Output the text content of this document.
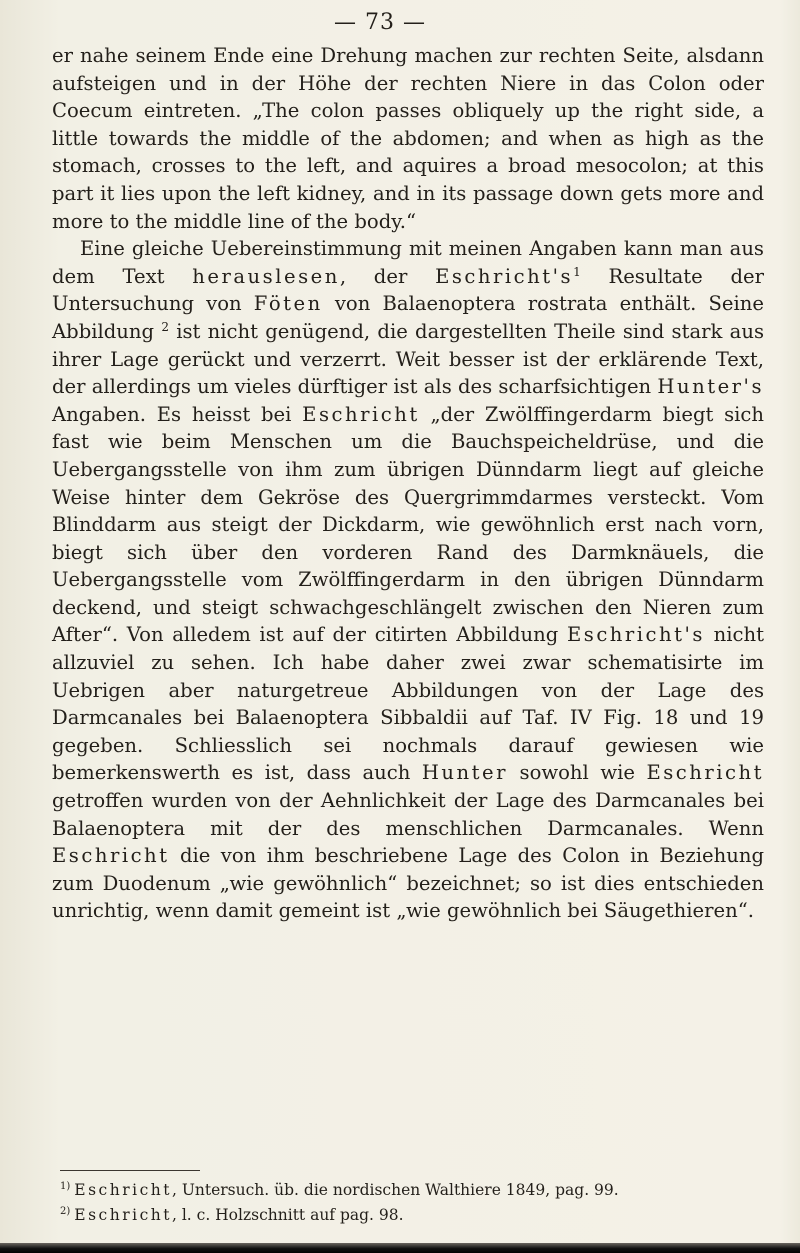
— 73 —

er nahe seinem Ende eine Drehung machen zur rechten Seite, alsdann aufsteigen und in der Höhe der rechten Niere in das Colon oder Coecum eintreten. „The colon passes obliquely up the right side, a little towards the middle of the abdomen; and when as high as the stomach, crosses to the left, and aquires a broad mesocolon; at this part it lies upon the left kidney, and in its passage down gets more and more to the middle line of the body.“

Eine gleiche Uebereinstimmung mit meinen Angaben kann man aus dem Text herauslesen, der $Eschricht's^1$ Resultate der Untersuchung von Föten von Balaenoptera rostrata enthält. Seine Abbildung $^2$ ist nicht genügend, die dargestellten Theile sind stark aus ihrer Lage gerückt und verzerrt. Weit besser ist der erklärende Text, der allerdings um vieles dürftiger ist als des scharfsichtigen Hunter's Angaben. Es heisst bei Eschricht „der Zwölffingerdarm biegt sich fast wie beim Menschen um die Bauchspeicheldrüse, und die Uebergangsstelle von ihm zum übrigen Dünndarm liegt auf gleiche Weise hinter dem Gekröse des Quergrimmdarmes versteckt. Vom Blinddarm aus steigt der Dickdarm, wie gewöhnlich erst nach vorn, biegt sich über den vorderen Rand des Darmknäuels, die Uebergangsstelle vom Zwölffingerdarm in den übrigen Dünndarm deckend, und steigt schwachgeschlängelt zwischen den Nieren zum After“. Von alledem ist auf der citirten Abbildung Eschricht's nicht allzuviel zu sehen. Ich habe daher zwei zwar schematisirte im Uebrigen aber naturgetreue Abbildungen von der Lage des Darmcanales bei Balaenoptera Sibbaldii auf Taf. IV Fig. 18 und 19 gegeben. Schliesslich sei nochmals darauf gewiesen wie bemerkenswerth es ist, dass auch Hunter sowohl wie Eschricht getroffen wurden von der Aehnlichkeit der Lage des Darmcanales bei Balaenoptera mit der des menschlichen Darmcanales. Wenn Eschricht die von ihm beschriebene Lage des Colon in Beziehung zum Duodenum „wie gewöhnlich“ bezeichnet; so ist dies entschieden unrichtig, wenn damit gemeint ist „wie gewöhnlich bei Säugethieren“.

$^{1)}$ Eschricht, Untersuch. üb. die nordischen Walthiere 1849, pag. 99.

$^{2)}$ Eschricht, l. c. Holzschnitt auf pag. 98.
